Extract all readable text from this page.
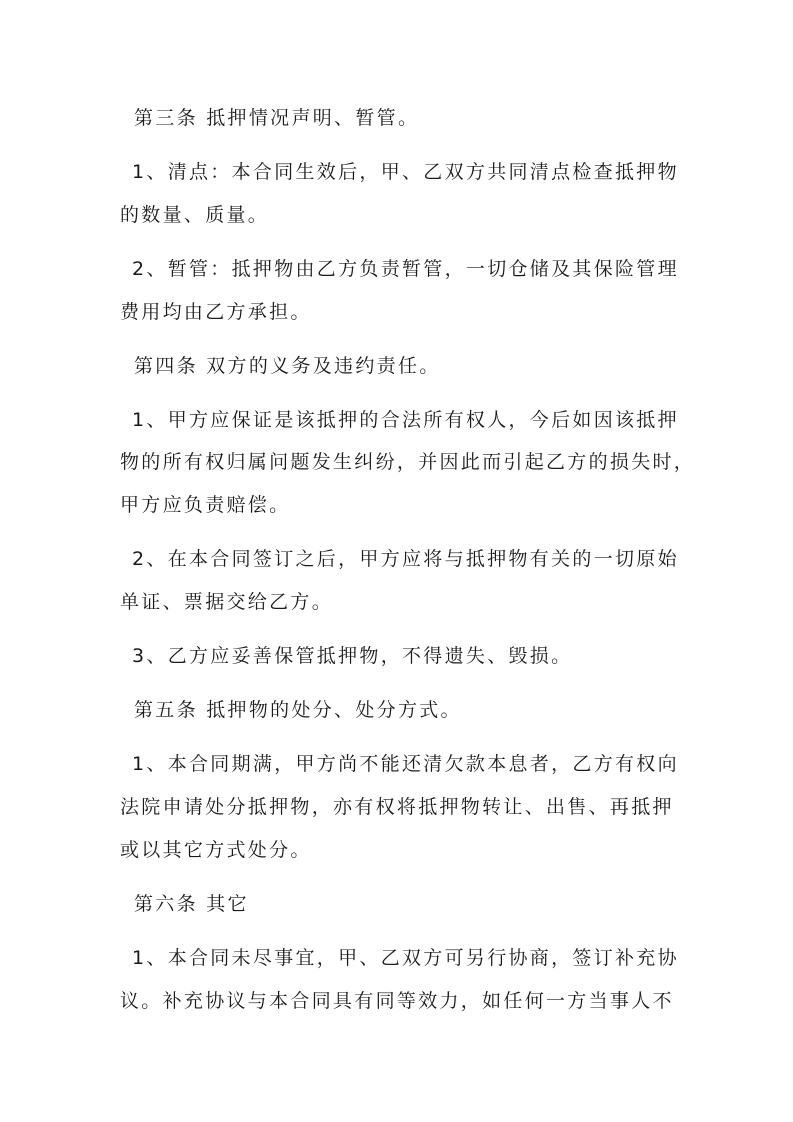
第三条 抵押情况声明、暂管。
1、清点：本合同生效后，甲、乙双方共同清点检查抵押物
的数量、质量。
2、暂管：抵押物由乙方负责暂管，一切仓储及其保险管理
费用均由乙方承担。
第四条 双方的义务及违约责任。
1、甲方应保证是该抵押的合法所有权人，今后如因该抵押
物的所有权归属问题发生纠纷，并因此而引起乙方的损失时，
甲方应负责赔偿。
2、在本合同签订之后，甲方应将与抵押物有关的一切原始
单证、票据交给乙方。
3、乙方应妥善保管抵押物，不得遗失、毁损。
第五条 抵押物的处分、处分方式。
1、本合同期满，甲方尚不能还清欠款本息者，乙方有权向
法院申请处分抵押物，亦有权将抵押物转让、出售、再抵押
或以其它方式处分。
第六条 其它
1、本合同未尽事宜，甲、乙双方可另行协商，签订补充协
议。补充协议与本合同具有同等效力，如任何一方当事人不
